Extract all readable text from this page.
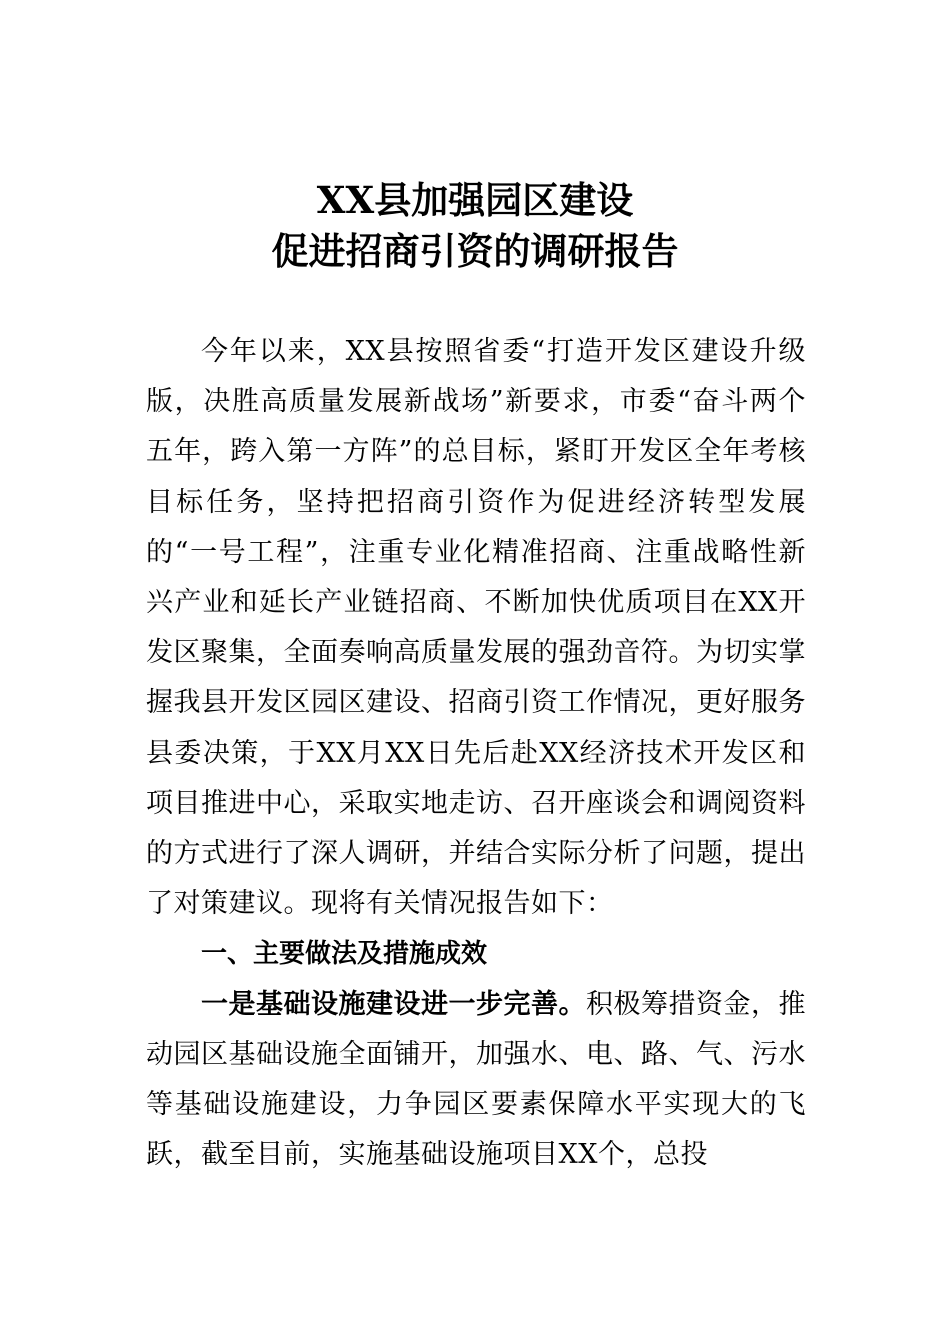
XX县加强园区建设
促进招商引资的调研报告

今年以来，XX县按照省委“打造开发区建设升级版，决胜高质量发展新战场”新要求，市委“奋斗两个五年，跨入第一方阵”的总目标，紧盯开发区全年考核目标任务，坚持把招商引资作为促进经济转型发展的“一号工程”，注重专业化精准招商、注重战略性新兴产业和延长产业链招商、不断加快优质项目在XX开发区聚集，全面奏响高质量发展的强劲音符。为切实掌握我县开发区园区建设、招商引资工作情况，更好服务县委决策，于XX月XX日先后赴XX经济技术开发区和项目推进中心，采取实地走访、召开座谈会和调阅资料的方式进行了深人调研，并结合实际分析了问题，提出了对策建议。现将有关情况报告如下：

一、主要做法及措施成效

一是基础设施建设进一步完善。积极筹措资金，推动园区基础设施全面铺开，加强水、电、路、气、污水等基础设施建设，力争园区要素保障水平实现大的飞跃，截至目前，实施基础设施项目XX个，总投
